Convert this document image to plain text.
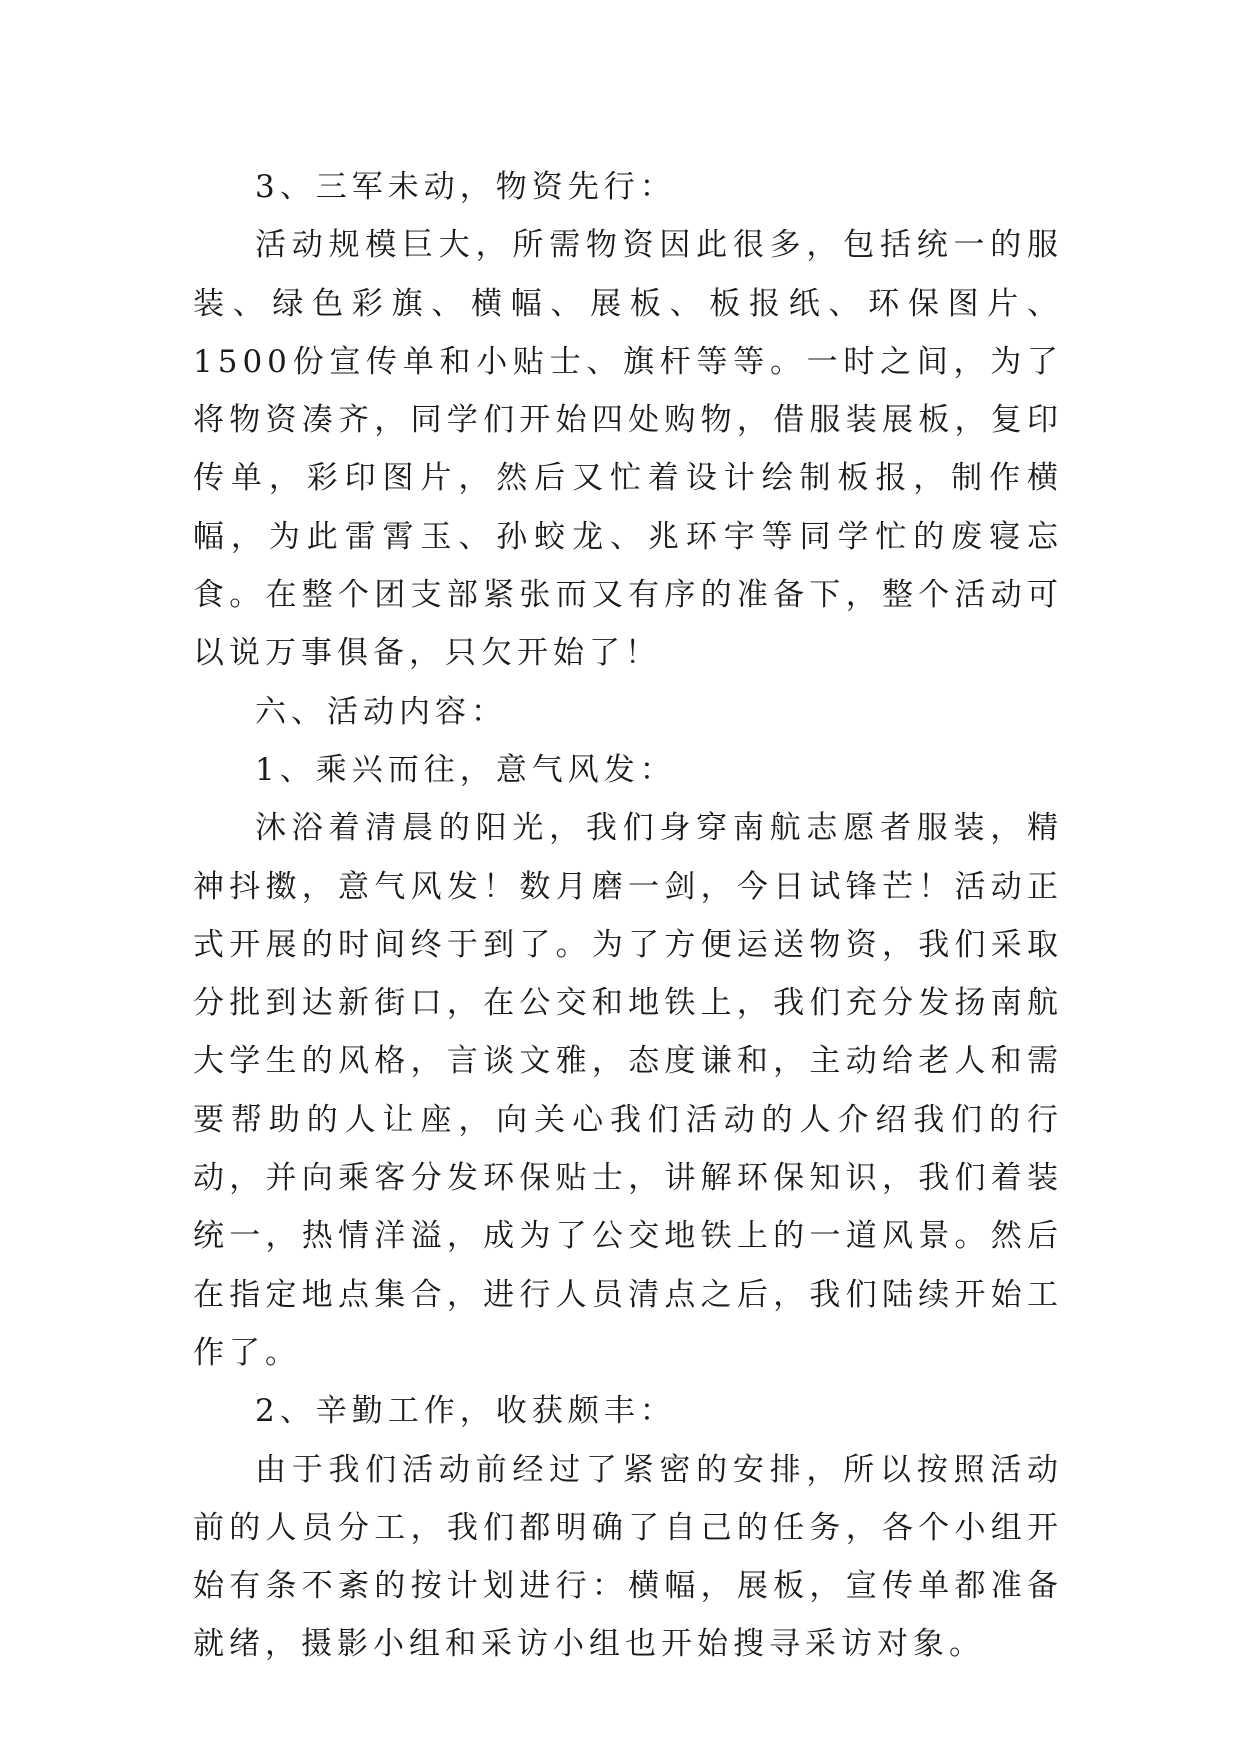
3、三军未动，物资先行：

活动规模巨大，所需物资因此很多，包括统一的服装、绿色彩旗、横幅、展板、板报纸、环保图片、1500份宣传单和小贴士、旗杆等等。一时之间，为了将物资凑齐，同学们开始四处购物，借服装展板，复印传单，彩印图片，然后又忙着设计绘制板报，制作横幅，为此雷霄玉、孙蛟龙、兆环宇等同学忙的废寝忘食。在整个团支部紧张而又有序的准备下，整个活动可以说万事俱备，只欠开始了！

六、活动内容：

1、乘兴而往，意气风发：

沐浴着清晨的阳光，我们身穿南航志愿者服装，精神抖擞，意气风发！数月磨一剑，今日试锋芒！活动正式开展的时间终于到了。为了方便运送物资，我们采取分批到达新街口，在公交和地铁上，我们充分发扬南航大学生的风格，言谈文雅，态度谦和，主动给老人和需要帮助的人让座，向关心我们活动的人介绍我们的行动，并向乘客分发环保贴士，讲解环保知识，我们着装统一，热情洋溢，成为了公交地铁上的一道风景。然后在指定地点集合，进行人员清点之后，我们陆续开始工作了。

2、辛勤工作，收获颇丰：

由于我们活动前经过了紧密的安排，所以按照活动前的人员分工，我们都明确了自己的任务，各个小组开始有条不紊的按计划进行：横幅，展板，宣传单都准备就绪，摄影小组和采访小组也开始搜寻采访对象。
